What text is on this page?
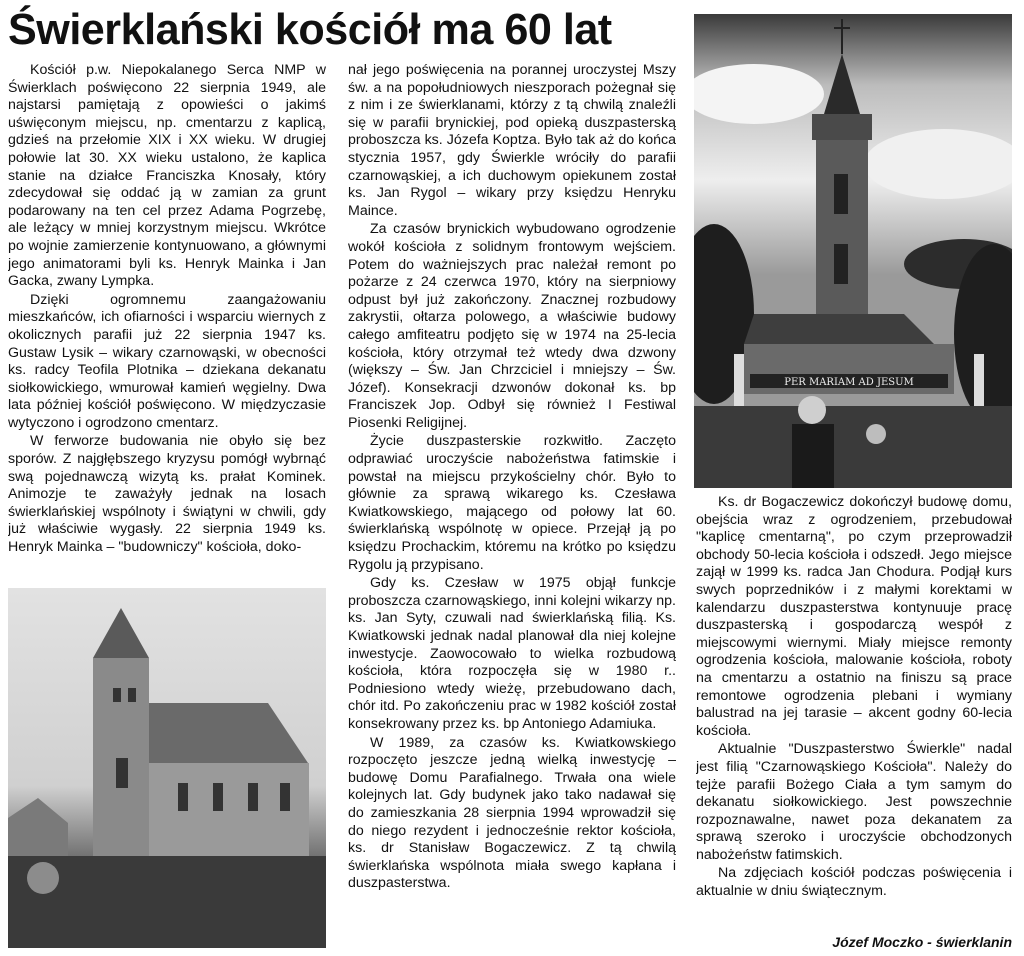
Świerklański kościół ma 60 lat

Kościół p.w. Niepokalanego Serca NMP w Świerklach poświęcono 22 sierpnia 1949, ale najstarsi pamiętają z opowieści o jakimś uświęconym miejscu, np. cmentarzu z kaplicą, gdzieś na przełomie XIX i XX wieku. W drugiej połowie lat 30. XX wieku ustalono, że kaplica stanie na działce Franciszka Knosały, który zdecydował się oddać ją w zamian za grunt podarowany na ten cel przez Adama Pogrzebę, ale leżący w mniej korzystnym miejscu. Wkrótce po wojnie zamierzenie kontynuowano, a głównymi jego animatorami byli ks. Henryk Mainka i Jan Gacka, zwany Lympka.

Dzięki ogromnemu zaangażowaniu mieszkańców, ich ofiarności i wsparciu wiernych z okolicznych parafii już 22 sierpnia 1947 ks. Gustaw Lysik – wikary czarnowąski, w obecności ks. radcy Teofila Plotnika – dziekana dekanatu siołkowickiego, wmurował kamień węgielny. Dwa lata później kościół poświęcono. W międzyczasie wytyczono i ogrodzono cmentarz.

W ferworze budowania nie obyło się bez sporów. Z najgłębszego kryzysu pomógł wybrnąć swą pojednawczą wizytą ks. prałat Kominek. Animozje te zaważyły jednak na losach świerklańskiej wspólnoty i świątyni w chwili, gdy już właściwie wygasły. 22 sierpnia 1949 ks. Henryk Mainka – "budowniczy" kościoła, doko-

nał jego poświęcenia na porannej uroczystej Mszy św. a na popołudniowych nieszporach pożegnał się z nim i ze świerklanami, którzy z tą chwilą znaleźli się w parafii brynickiej, pod opieką duszpasterską proboszcza ks. Józefa Koptza. Było tak aż do końca stycznia 1957, gdy Świerkle wróciły do parafii czarnowąskiej, a ich duchowym opiekunem został ks. Jan Rygol – wikary przy księdzu Henryku Maince.

Za czasów brynickich wybudowano ogrodzenie wokół kościoła z solidnym frontowym wejściem. Potem do ważniejszych prac należał remont po pożarze z 24 czerwca 1970, który na sierpniowy odpust był już zakończony. Znacznej rozbudowy zakrystii, ołtarza polowego, a właściwie budowy całego amfiteatru podjęto się w 1974 na 25-lecia kościoła, który otrzymał też wtedy dwa dzwony (większy – Św. Jan Chrzciciel i mniejszy – Św. Józef). Konsekracji dzwonów dokonał ks. bp Franciszek Jop. Odbył się również I Festiwal Piosenki Religijnej.

Życie duszpasterskie rozkwitło. Zaczęto odprawiać uroczyście nabożeństwa fatimskie i powstał na miejscu przykościelny chór. Było to głównie za sprawą wikarego ks. Czesława Kwiatkowskiego, mającego od połowy lat 60. świerklańską wspólnotę w opiece. Przejął ją po księdzu Prochackim, któremu na krótko po księdzu Rygolu ją przypisano.

Gdy ks. Czesław w 1975 objął funkcje proboszcza czarnowąskiego, inni kolejni wikarzy np. ks. Jan Syty, czuwali nad świerklańską filią. Ks. Kwiatkowski jednak nadal planował dla niej kolejne inwestycje. Zaowocowało to wielka rozbudową kościoła, która rozpoczęła się w 1980 r.. Podniesiono wtedy wieżę, przebudowano dach, chór itd. Po zakończeniu prac w 1982 kościół został konsekrowany przez ks. bp Antoniego Adamiuka.

W 1989, za czasów ks. Kwiatkowskiego rozpoczęto jeszcze jedną wielką inwestycję – budowę Domu Parafialnego. Trwała ona wiele kolejnych lat. Gdy budynek jako tako nadawał się do zamieszkania 28 sierpnia 1994 wprowadził się do niego rezydent i jednocześnie rektor kościoła, ks. dr Stanisław Bogaczewicz. Z tą chwilą świerklańska wspólnota miała swego kapłana i duszpasterstwa.

PER MARIAM AD JESUM

Ks. dr Bogaczewicz dokończył budowę domu, obejścia wraz z ogrodzeniem, przebudował "kaplicę cmentarną", po czym przeprowadził obchody 50-lecia kościoła i odszedł. Jego miejsce zajął w 1999 ks. radca Jan Chodura. Podjął kurs swych poprzedników i z małymi korektami w kalendarzu duszpasterstwa kontynuuje pracę duszpasterską i gospodarczą wespół z miejscowymi wiernymi. Miały miejsce remonty ogrodzenia kościoła, malowanie kościoła, roboty na cmentarzu a ostatnio na finiszu są prace remontowe ogrodzenia plebani i wymiany balustrad na jej tarasie – akcent godny 60-lecia kościoła.

Aktualnie "Duszpasterstwo Świerkle" nadal jest filią "Czarnowąskiego Kościoła". Należy do tejże parafii Bożego Ciała a tym samym do dekanatu siołkowickiego. Jest powszechnie rozpoznawalne, nawet poza dekanatem za sprawą szeroko i uroczyście obchodzonych nabożeństw fatimskich.

Na zdjęciach kościół podczas poświęcenia i aktualnie w dniu świątecznym.

Józef Moczko - świerklanin
